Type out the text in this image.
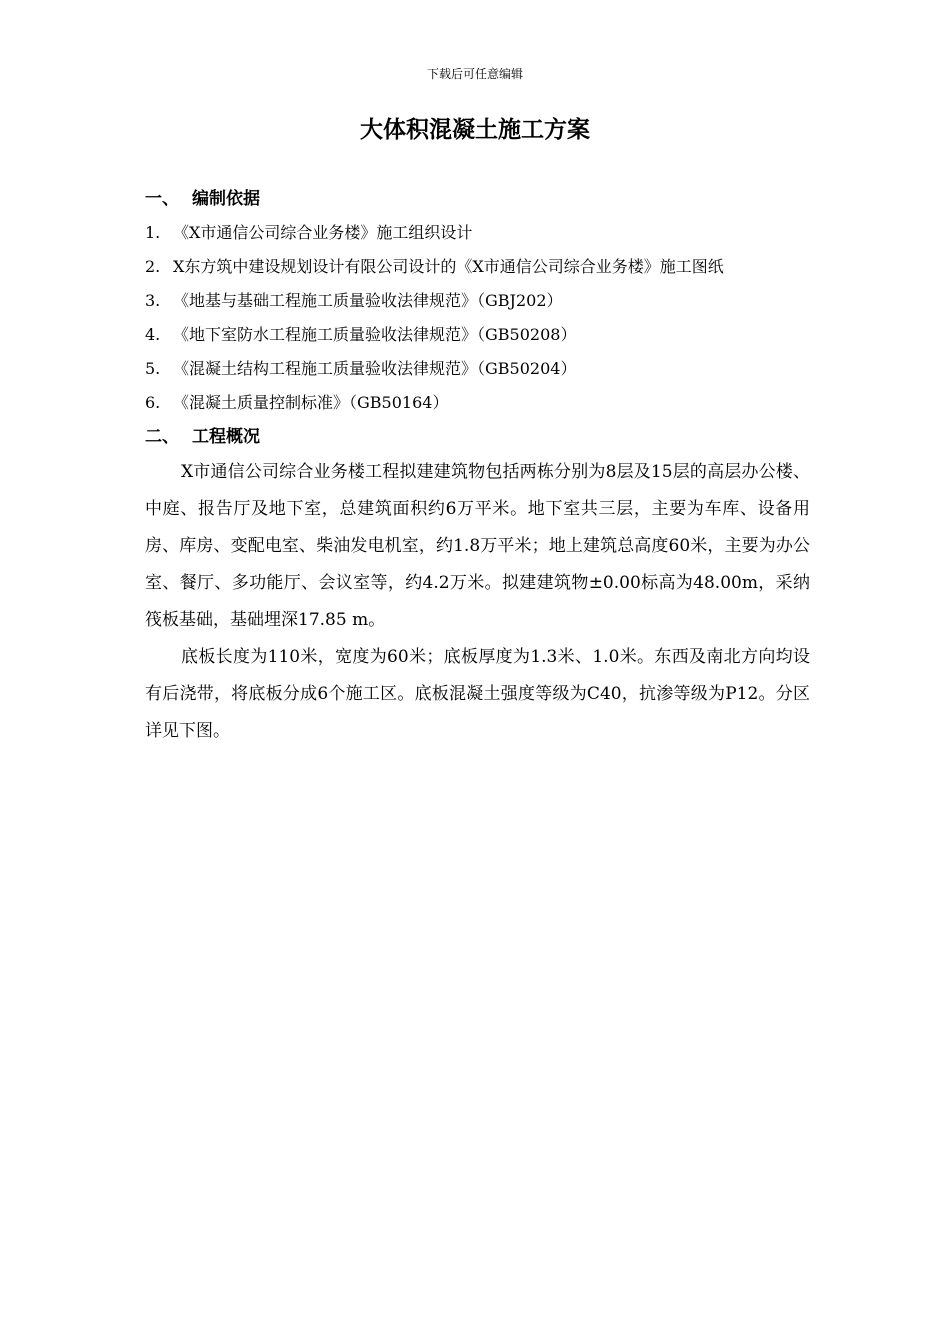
下载后可任意编辑
大体积混凝土施工方案
一、 编制依据
1. 《X市通信公司综合业务楼》施工组织设计
2. X东方筑中建设规划设计有限公司设计的《X市通信公司综合业务楼》施工图纸
3. 《地基与基础工程施工质量验收法律规范》（GBJ202）
4. 《地下室防水工程施工质量验收法律规范》（GB50208）
5. 《混凝土结构工程施工质量验收法律规范》（GB50204）
6. 《混凝土质量控制标准》（GB50164）
二、 工程概况

X市通信公司综合业务楼工程拟建建筑物包括两栋分别为8层及15层的高层办公楼、中庭、报告厅及地下室，总建筑面积约6万平米。地下室共三层，主要为车库、设备用房、库房、变配电室、柴油发电机室，约1.8万平米；地上建筑总高度60米，主要为办公室、餐厅、多功能厅、会议室等，约4.2万米。拟建建筑物±0.00标高为48.00m，采纳筏板基础，基础埋深17.85 m。

底板长度为110米，宽度为60米；底板厚度为1.3米、1.0米。东西及南北方向均设有后浇带，将底板分成6个施工区。底板混凝土强度等级为C40，抗渗等级为P12。分区详见下图。
